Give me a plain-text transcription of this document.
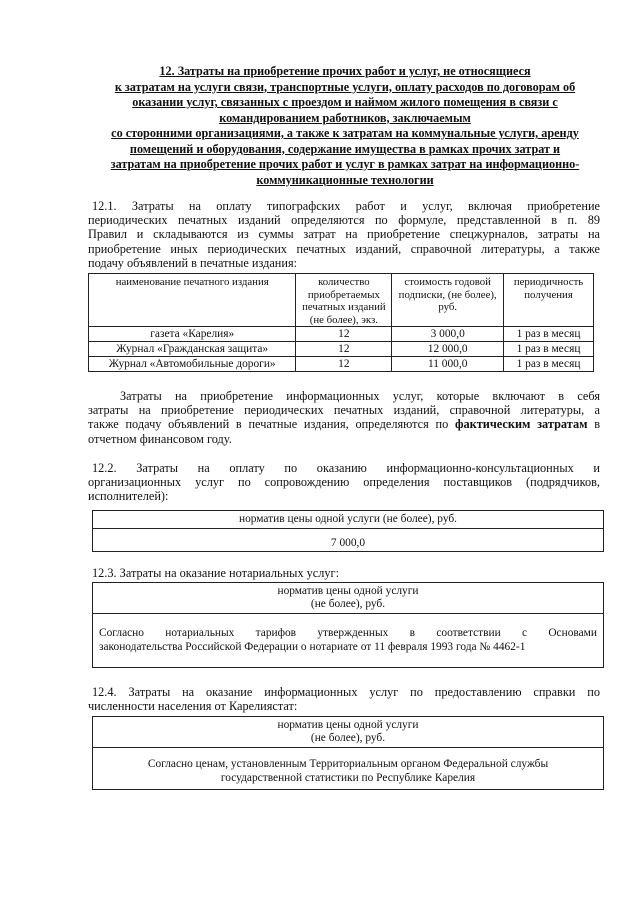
12. Затраты на приобретение прочих работ и услуг, не относящиеся
к затратам на услуги связи, транспортные услуги, оплату расходов по договорам об
оказании услуг, связанных с проездом и наймом жилого помещения в связи с
командированием работников, заключаемым
со сторонними организациями, а также к затратам на коммунальные услуги, аренду
помещений и оборудования, содержание имущества в рамках прочих затрат и
затратам на приобретение прочих работ и услуг в рамках затрат на информационно-
коммуникационные технологии
12.1. Затраты на оплату типографских работ и услуг, включая приобретение
периодических печатных изданий определяются по формуле, представленной в п. 89
Правил и складываются из суммы затрат на приобретение спецжурналов, затраты на
приобретение иных периодических печатных изданий, справочной литературы, а также
подачу объявлений в печатные издания:
наименование печатного издания	количество приобретаемых печатных изданий (не более), экз.	стоимость годовой подписки, (не более), руб.	периодичность получения
газета «Карелия»	12	3 000,0	1 раз в месяц
Журнал «Гражданская защита»	12	12 000,0	1 раз в месяц
Журнал «Автомобильные дороги»	12	11 000,0	1 раз в месяц
Затраты на приобретение информационных услуг, которые включают в себя
затраты на приобретение периодических печатных изданий, справочной литературы, а
также подачу объявлений в печатные издания, определяются по фактическим затратам в
отчетном финансовом году.
12.2. Затраты на оплату по оказанию информационно-консультационных и
организационных услуг по сопровождению определения поставщиков (подрядчиков,
исполнителей):
норматив цены одной услуги (не более), руб.
7 000,0
12.3. Затраты на оказание нотариальных услуг:
норматив цены одной услуги
(не более), руб.
Согласно нотариальных тарифов утвержденных в соответствии с Основами
законодательства Российской Федерации о нотариате от 11 февраля 1993 года № 4462-1
12.4. Затраты на оказание информационных услуг по предоставлению справки по
численности населения от Карелиястат:
норматив цены одной услуги
(не более), руб.
Согласно ценам, установленным Территориальным органом Федеральной службы
государственной статистики по Республике Карелия
